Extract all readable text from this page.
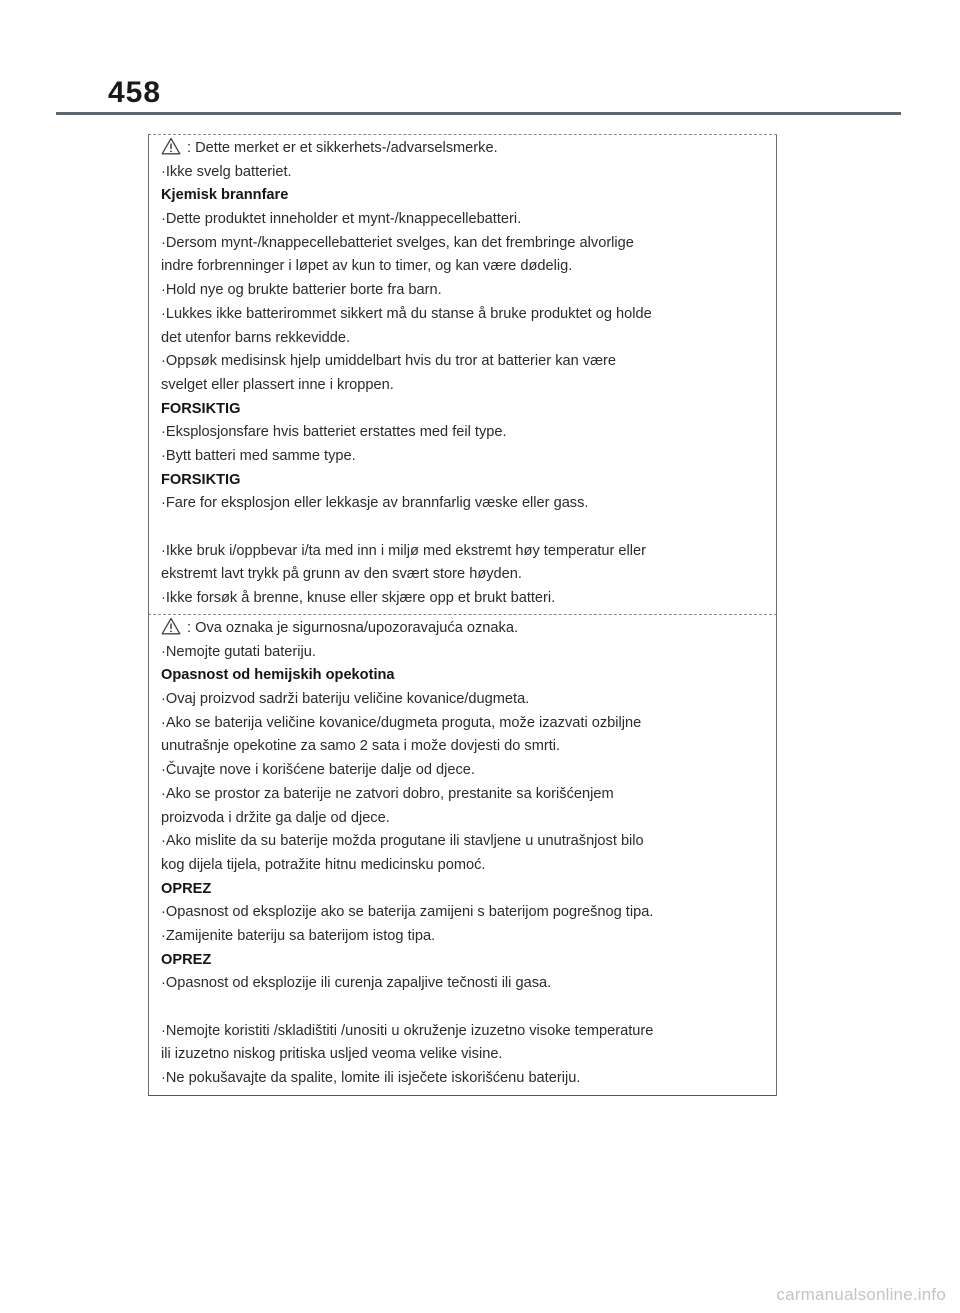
458
: Dette merket er et sikkerhets-/advarselsmerke.
·Ikke svelg batteriet.
Kjemisk brannfare
·Dette produktet inneholder et mynt-/knappecellebatteri.
·Dersom mynt-/knappecellebatteriet svelges, kan det frembringe alvorlige
indre forbrenninger i løpet av kun to timer, og kan være dødelig.
·Hold nye og brukte batterier borte fra barn.
·Lukkes ikke batterirommet sikkert må du stanse å bruke produktet og holde
det utenfor barns rekkevidde.
·Oppsøk medisinsk hjelp umiddelbart hvis du tror at batterier kan være
svelget eller plassert inne i kroppen.
FORSIKTIG
·Eksplosjonsfare hvis batteriet erstattes med feil type.
·Bytt batteri med samme type.
FORSIKTIG
·Fare for eksplosjon eller lekkasje av brannfarlig væske eller gass.
·Ikke bruk i/oppbevar i/ta med inn i miljø med ekstremt høy temperatur eller
ekstremt lavt trykk på grunn av den svært store høyden.
·Ikke forsøk å brenne, knuse eller skjære opp et brukt batteri.
: Ova oznaka je sigurnosna/upozoravajuća oznaka.
·Nemojte gutati bateriju.
Opasnost od hemijskih opekotina
·Ovaj proizvod sadrži bateriju veličine kovanice/dugmeta.
·Ako se baterija veličine kovanice/dugmeta proguta, može izazvati ozbiljne
unutrašnje opekotine za samo 2 sata i može dovjesti do smrti.
·Čuvajte nove i korišćene baterije dalje od djece.
·Ako se prostor za baterije ne zatvori dobro, prestanite sa korišćenjem
proizvoda i držite ga dalje od djece.
·Ako mislite da su baterije možda progutane ili stavljene u unutrašnjost bilo
kog dijela tijela, potražite hitnu medicinsku pomoć.
OPREZ
·Opasnost od eksplozije ako se baterija zamijeni s baterijom pogrešnog tipa.
·Zamijenite bateriju sa baterijom istog tipa.
OPREZ
·Opasnost od eksplozije ili curenja zapaljive tečnosti ili gasa.
·Nemojte koristiti /skladištiti /unositi u okruženje izuzetno visoke temperature
ili izuzetno niskog pritiska usljed veoma velike visine.
·Ne pokušavajte da spalite, lomite ili isječete iskorišćenu bateriju.
carmanualsonline.info
